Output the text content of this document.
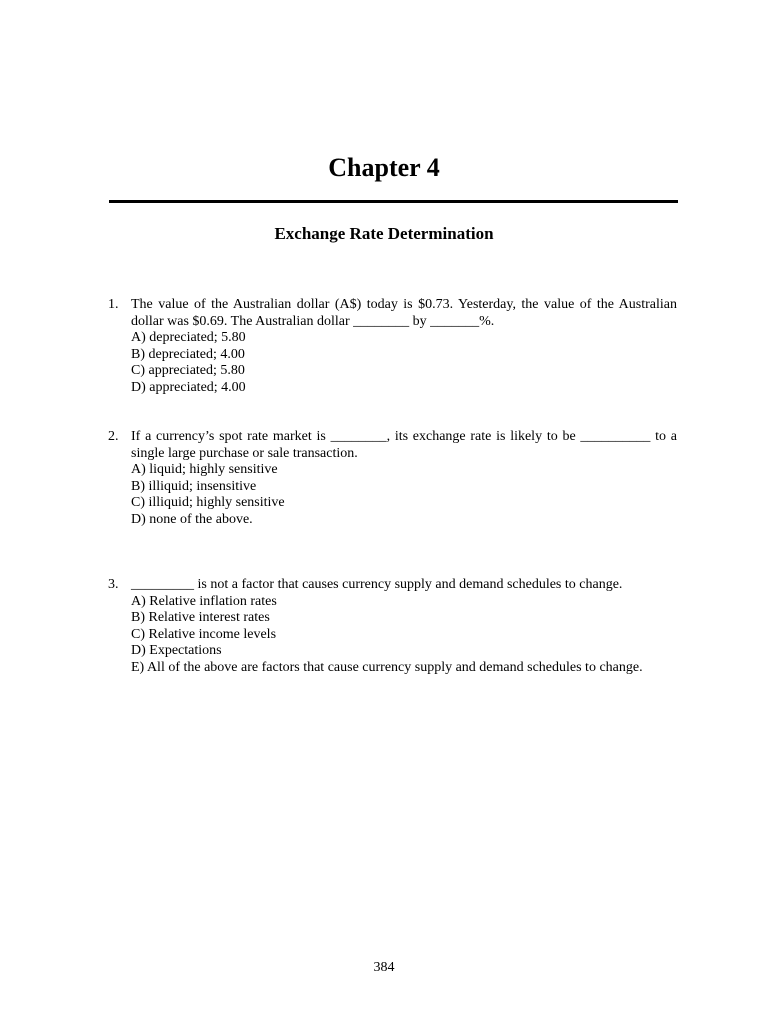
Chapter 4
Exchange Rate Determination
1. The value of the Australian dollar (A$) today is $0.73. Yesterday, the value of the Australian dollar was $0.69. The Australian dollar ________ by _______%.
A) depreciated; 5.80
B) depreciated; 4.00
C) appreciated; 5.80
D) appreciated; 4.00
2. If a currency’s spot rate market is ________, its exchange rate is likely to be __________ to a single large purchase or sale transaction.
A) liquid; highly sensitive
B) illiquid; insensitive
C) illiquid; highly sensitive
D) none of the above.
3. _________ is not a factor that causes currency supply and demand schedules to change.
A) Relative inflation rates
B) Relative interest rates
C) Relative income levels
D) Expectations
E) All of the above are factors that cause currency supply and demand schedules to change.
384
